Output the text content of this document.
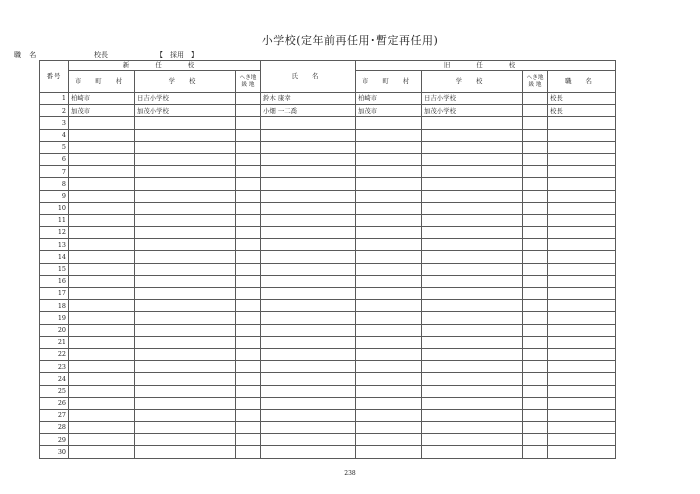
小学校(定年前再任用･暫定再任用)
職 名	校長	【　採用　】
番号	新 任 校			氏 名	旧 任 校			
	市 町 村	学 校	へき地級 地		市 町 村	学 校	へき地級 地	職 名
1	柏崎市	日吉小学校		鈴木 康幸	柏崎市	日吉小学校		校長
2	加茂市	加茂小学校		小畑 一二喬	加茂市	加茂小学校		校長
3								
4								
5								
6								
7								
8								
9								
10								
11								
12								
13								
14								
15								
16								
17								
18								
19								
20								
21								
22								
23								
24								
25								
26								
27								
28								
29								
30								
238
